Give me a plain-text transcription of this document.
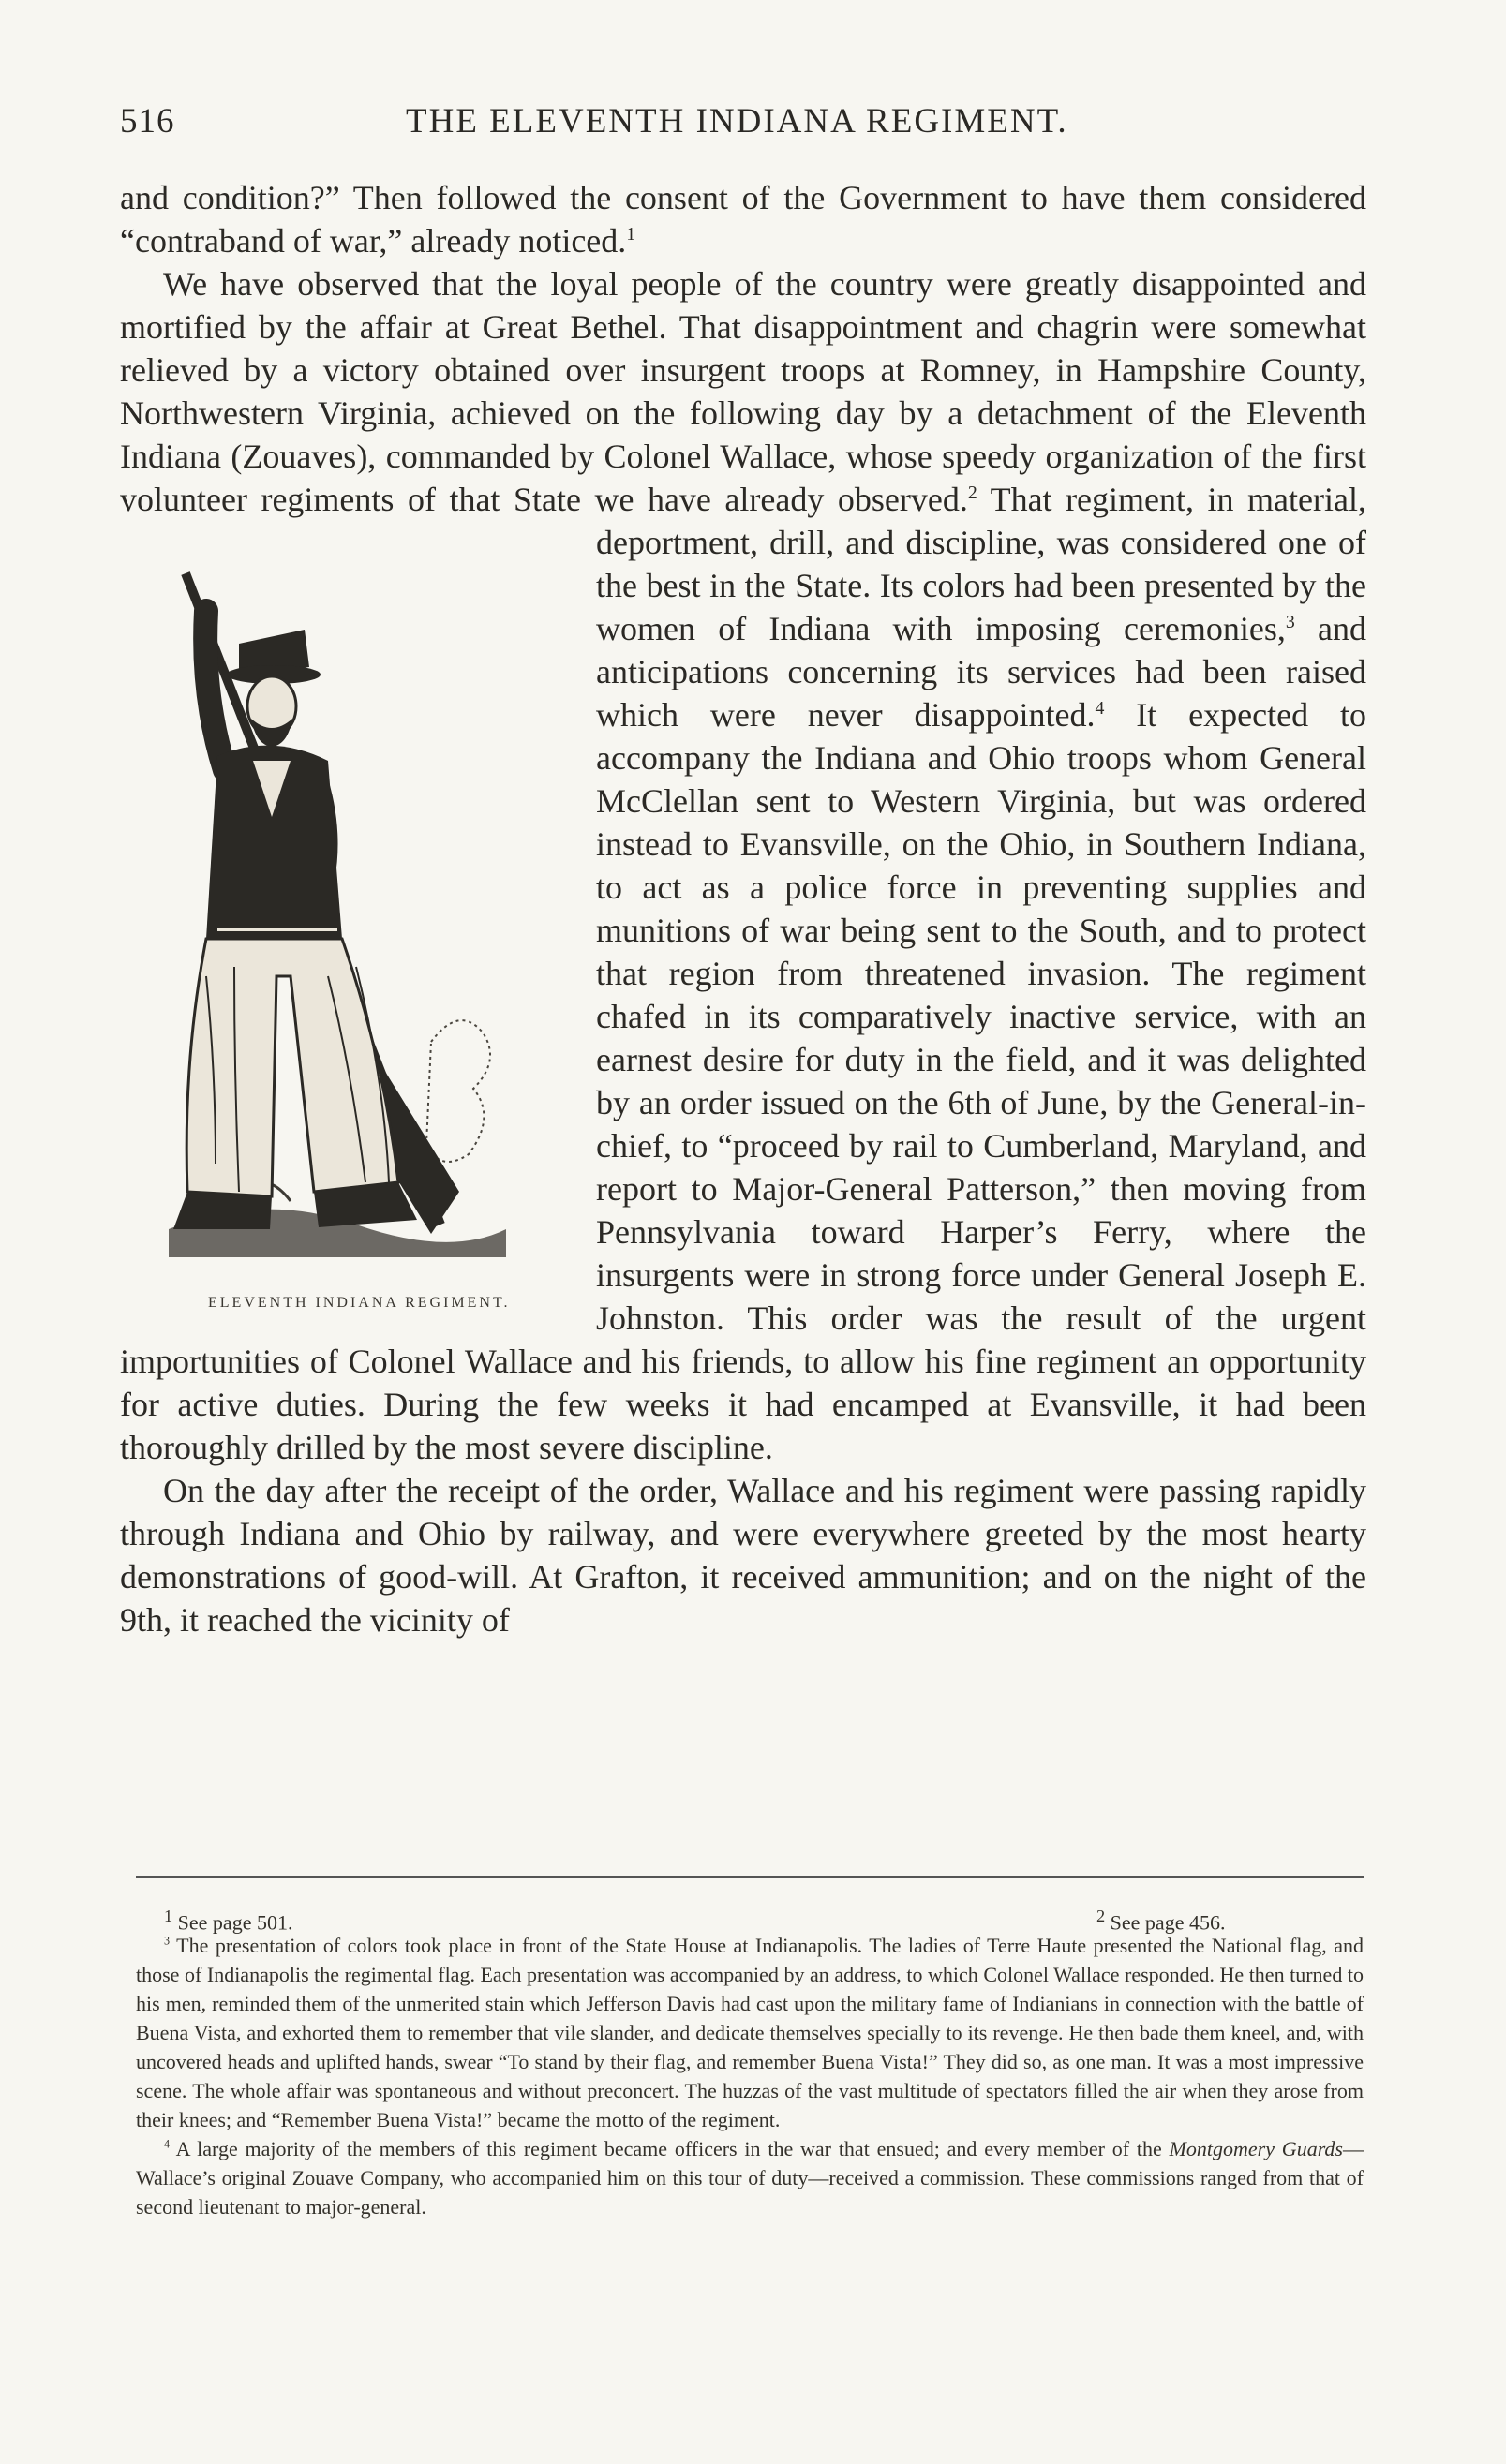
516	THE ELEVENTH INDIANA REGIMENT.

and condition?” Then followed the consent of the Government to have them considered “contraband of war,” already noticed.$^1$

We have observed that the loyal people of the country were greatly disappointed and mortified by the affair at Great Bethel. That disappointment and chagrin were somewhat relieved by a victory obtained over insurgent troops at Romney, in Hampshire County, Northwestern Virginia, achieved on the following day by a detachment of the Eleventh Indiana (Zouaves), commanded by Colonel Wallace, whose speedy organization of the first volunteer regiments of that State we have already observed.$^2$
ELEVENTH INDIANA REGIMENT.
That regiment, in material, deportment, drill, and discipline, was considered one of the best in the State. Its colors had been presented by the women of Indiana with imposing ceremonies,$^3$ and anticipations concerning its services had been raised which were never disappointed.$^4$ It expected to accompany the Indiana and Ohio troops whom General McClellan sent to Western Virginia, but was ordered instead to Evansville, on the Ohio, in Southern Indiana, to act as a police force in preventing supplies and munitions of war being sent to the South, and to protect that region from threatened invasion. The regiment chafed in its comparatively inactive service, with an earnest desire for duty in the field, and it was delighted by an order issued on the 6th of June, by the General-in-chief, to “proceed by rail to Cumberland, Maryland, and report to Major-General Patterson,” then moving from Pennsylvania toward Harper’s Ferry, where the insurgents were in strong force under General Joseph E. Johnston. This order was the result of the urgent importunities of Colonel Wallace and his friends, to allow his fine regiment an opportunity for active duties. During the few weeks it had encamped at Evansville, it had been thoroughly drilled by the most severe discipline.

On the day after the receipt of the order, Wallace and his regiment were passing rapidly through Indiana and Ohio by railway, and were everywhere greeted by the most hearty demonstrations of good-will. At Grafton, it received ammunition; and on the night of the 9th, it reached the vicinity of

$^1$ See page 501.	$^2$ See page 456.

$^3$ The presentation of colors took place in front of the State House at Indianapolis. The ladies of Terre Haute presented the National flag, and those of Indianapolis the regimental flag. Each presentation was accompanied by an address, to which Colonel Wallace responded. He then turned to his men, reminded them of the unmerited stain which Jefferson Davis had cast upon the military fame of Indianians in connection with the battle of Buena Vista, and exhorted them to remember that vile slander, and dedicate themselves specially to its revenge. He then bade them kneel, and, with uncovered heads and uplifted hands, swear “To stand by their flag, and remember Buena Vista!” They did so, as one man. It was a most impressive scene. The whole affair was spontaneous and without preconcert. The huzzas of the vast multitude of spectators filled the air when they arose from their knees; and “Remember Buena Vista!” became the motto of the regiment.

$^4$ A large majority of the members of this regiment became officers in the war that ensued; and every member of the Montgomery Guards—Wallace’s original Zouave Company, who accompanied him on this tour of duty—received a commission. These commissions ranged from that of second lieutenant to major-general.
